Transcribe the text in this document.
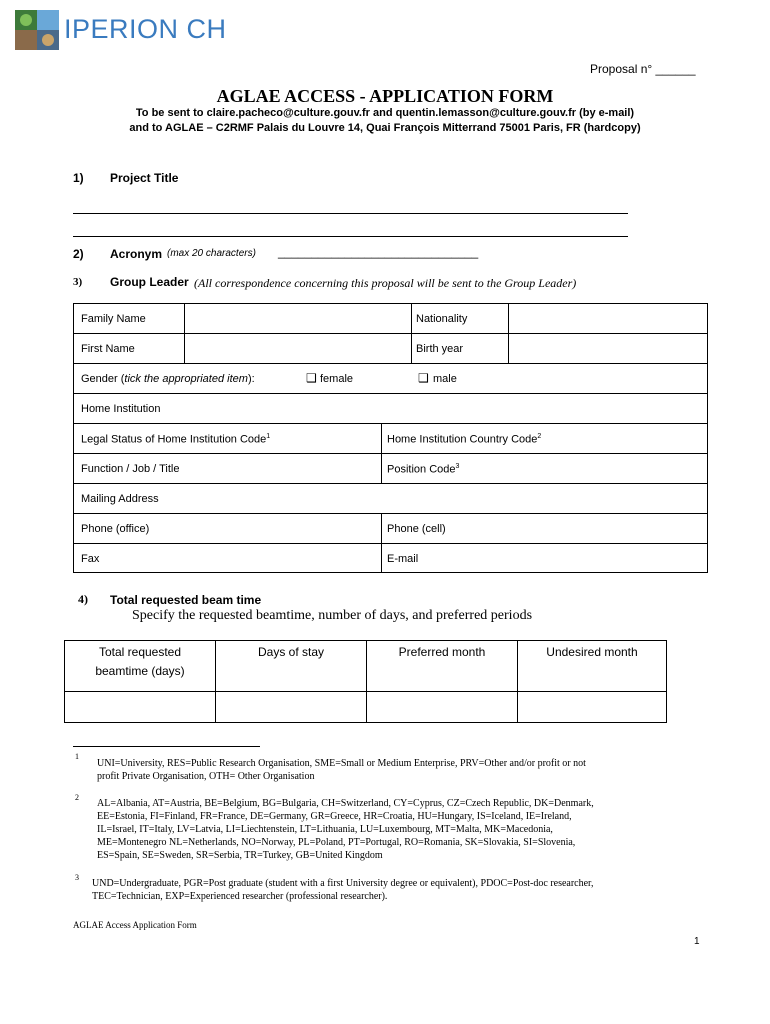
IPERION CH
Proposal n° ______
AGLAE ACCESS - APPLICATION FORM
To be sent to claire.pacheco@culture.gouv.fr and quentin.lemasson@culture.gouv.fr (by e-mail)
and to AGLAE – C2RMF Palais du Louvre 14, Quai François Mitterrand 75001 Paris, FR (hardcopy)
1) Project Title
2) Acronym (max 20 characters) ______________________________
3) Group Leader (All correspondence concerning this proposal will be sent to the Group Leader)
Family Name	Nationality
First Name	Birth year
Gender (tick the appropriated item):	❑ female	❑ male
Home Institution
Legal Status of Home Institution Code$^1$	Home Institution Country Code$^2$
Function / Job / Title	Position Code$^3$
Mailing Address
Phone (office)	Phone (cell)
Fax	E-mail
4) Total requested beam time
Specify the requested beamtime, number of days, and preferred periods
Total requested
beamtime (days)
Days of stay	Preferred month	Undesired month
1
UNI=University, RES=Public Research Organisation, SME=Small or Medium Enterprise, PRV=Other and/or profit or not
profit Private Organisation, OTH= Other Organisation
2
AL=Albania, AT=Austria, BE=Belgium, BG=Bulgaria, CH=Switzerland, CY=Cyprus, CZ=Czech Republic, DK=Denmark,
EE=Estonia, FI=Finland, FR=France, DE=Germany, GR=Greece, HR=Croatia, HU=Hungary, IS=Iceland, IE=Ireland,
IL=Israel, IT=Italy, LV=Latvia, LI=Liechtenstein, LT=Lithuania, LU=Luxembourg, MT=Malta, MK=Macedonia,
ME=Montenegro NL=Netherlands, NO=Norway, PL=Poland, PT=Portugal, RO=Romania, SK=Slovakia, SI=Slovenia,
ES=Spain, SE=Sweden, SR=Serbia, TR=Turkey, GB=United Kingdom
3
UND=Undergraduate, PGR=Post graduate (student with a first University degree or equivalent), PDOC=Post-doc researcher,
TEC=Technician, EXP=Experienced researcher (professional researcher).
AGLAE Access Application Form
1
